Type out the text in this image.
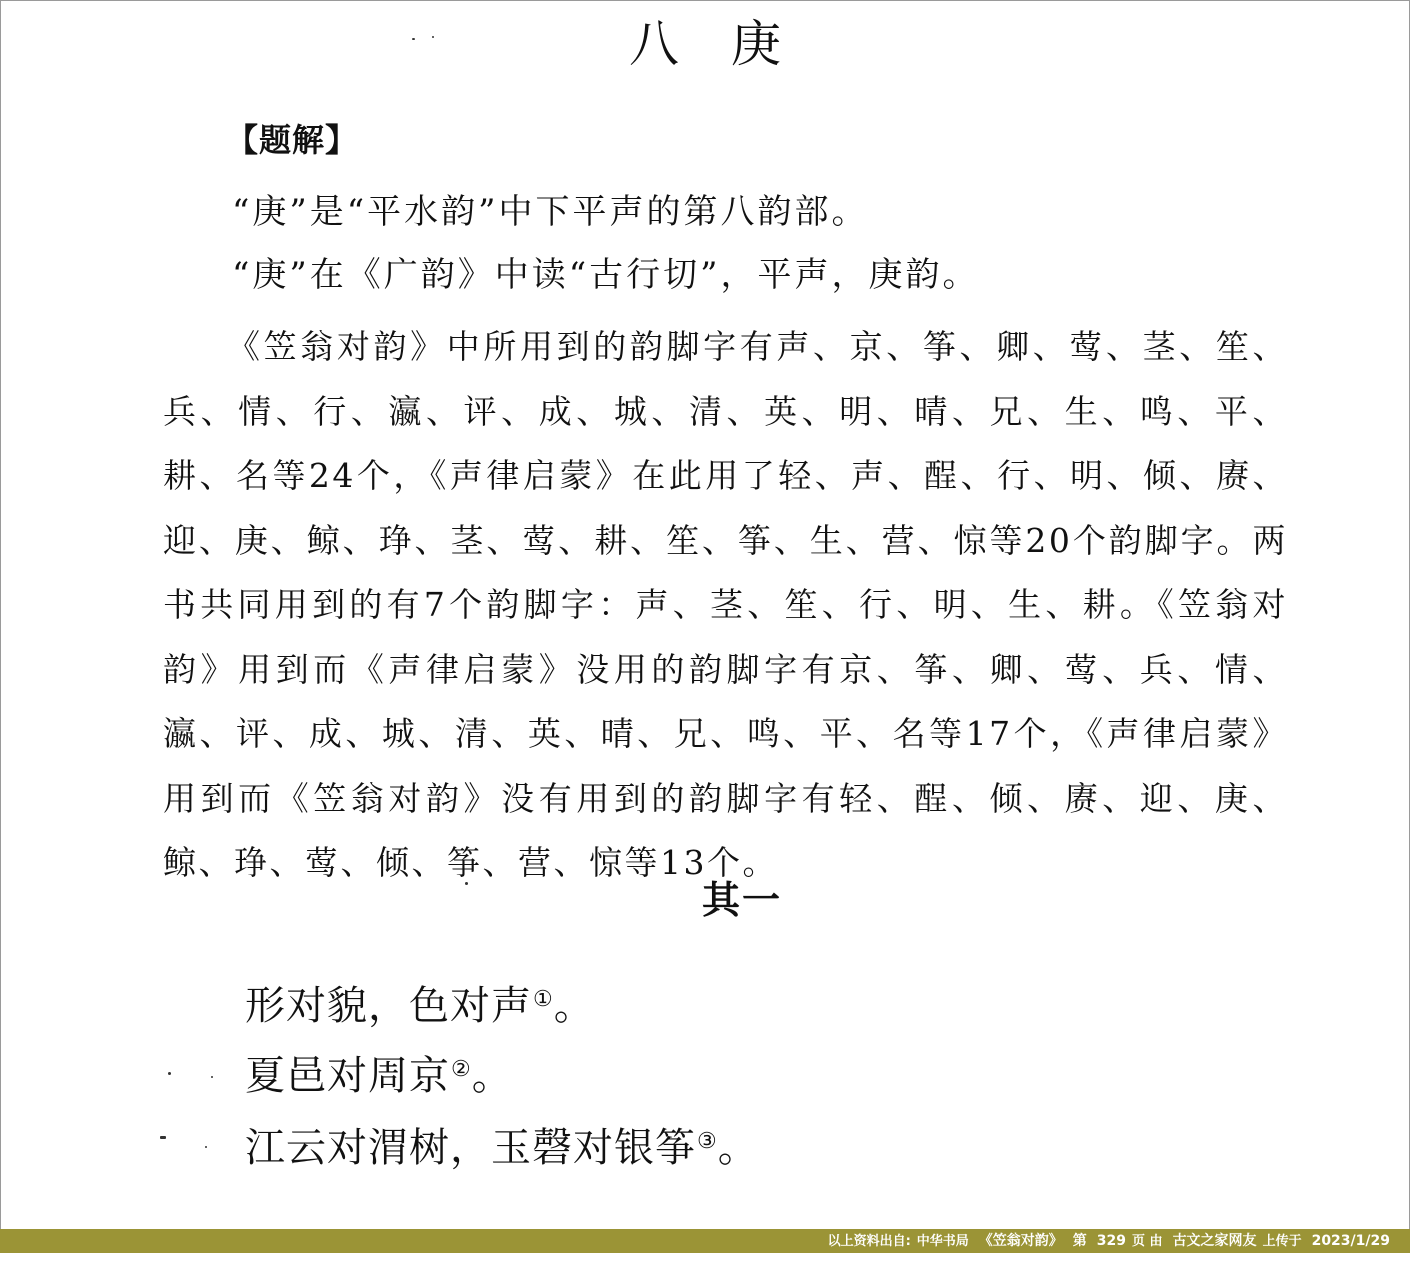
八庚
【题解】
“庚”是“平水韵”中下平声的第八韵部。
“庚”在《广韵》中读“古行切”，平声，庚韵。
《笠翁对韵》中所用到的韵脚字有声、京、筝、卿、莺、茎、笙、兵、情、行、瀛、评、成、城、清、英、明、晴、兄、生、鸣、平、耕、名等24个，《声律启蒙》在此用了轻、声、酲、行、明、倾、赓、迎、庚、鲸、琤、茎、莺、耕、笙、筝、生、营、惊等20个韵脚字。两书共同用到的有7个韵脚字：声、茎、笙、行、明、生、耕。《笠翁对韵》用到而《声律启蒙》没用的韵脚字有京、筝、卿、莺、兵、情、瀛、评、成、城、清、英、晴、兄、鸣、平、名等17个，《声律启蒙》用到而《笠翁对韵》没有用到的韵脚字有轻、酲、倾、赓、迎、庚、鲸、琤、莺、倾、筝、营、惊等13个。
其一
形对貌，色对声①。
夏邑对周京②。
江云对渭树，玉磬对银筝③。
以上资料出自: 中华书局 《笠翁对韵》 第 329 页 由 古文之家网友 上传于 2023/1/29
